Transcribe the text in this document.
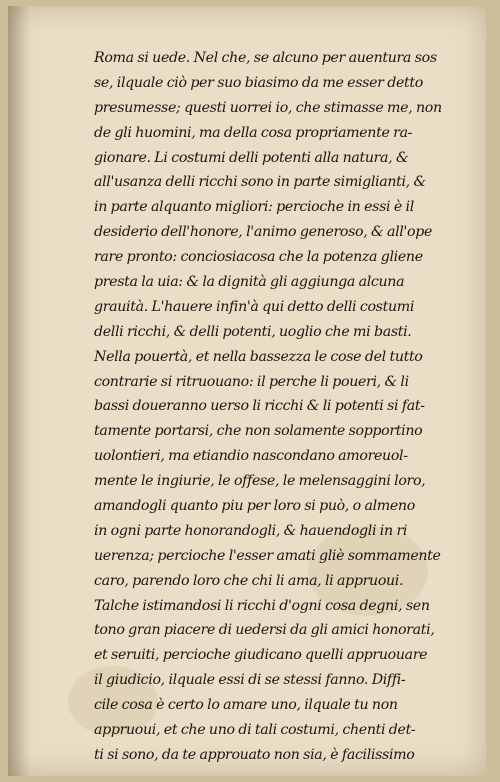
Roma si uede. Nel che, se alcuno per auentura sos
se, ilquale ciò per suo biasimo da me esser detto
presumesse; questi uorrei io, che stimasse me, non
de gli huomini, ma della cosa propriamente ra-
gionare. Li costumi delli potenti alla natura, &
all'usanza delli ricchi sono in parte simiglianti, &
in parte alquanto migliori: percioche in essi è il
desiderio dell'honore, l'animo generoso, & all'ope
rare pronto: conciosiacosa che la potenza gliene
presta la uia: & la dignità gli aggiunga alcuna
grauità. L'hauere infin'à qui detto delli costumi
delli ricchi, & delli potenti, uoglio che mi basti.
Nella pouertà, et nella bassezza le cose del tutto
contrarie si ritruouano: il perche li poueri, & li
bassi doueranno uerso li ricchi & li potenti si fat-
tamente portarsi, che non solamente sopportino
uolontieri, ma etiandio nascondano amoreuol-
mente le ingiurie, le offese, le melensaggini loro,
amandogli quanto piu per loro si può, o almeno
in ogni parte honorandogli, & hauendogli in ri
uerenza; percioche l'esser amati gliè sommamente
caro, parendo loro che chi li ama, li appruoui.
Talche istimandosi li ricchi d'ogni cosa degni, sen
tono gran piacere di uedersi da gli amici honorati,
et seruiti, percioche giudicano quelli appruouare
il giudicio, ilquale essi di se stessi fanno. Diffi-
cile cosa è certo lo amare uno, ilquale tu non
appruoui, et che uno di tali costumi, chenti det-
ti si sono, da te approuato non sia, è facilissimo
